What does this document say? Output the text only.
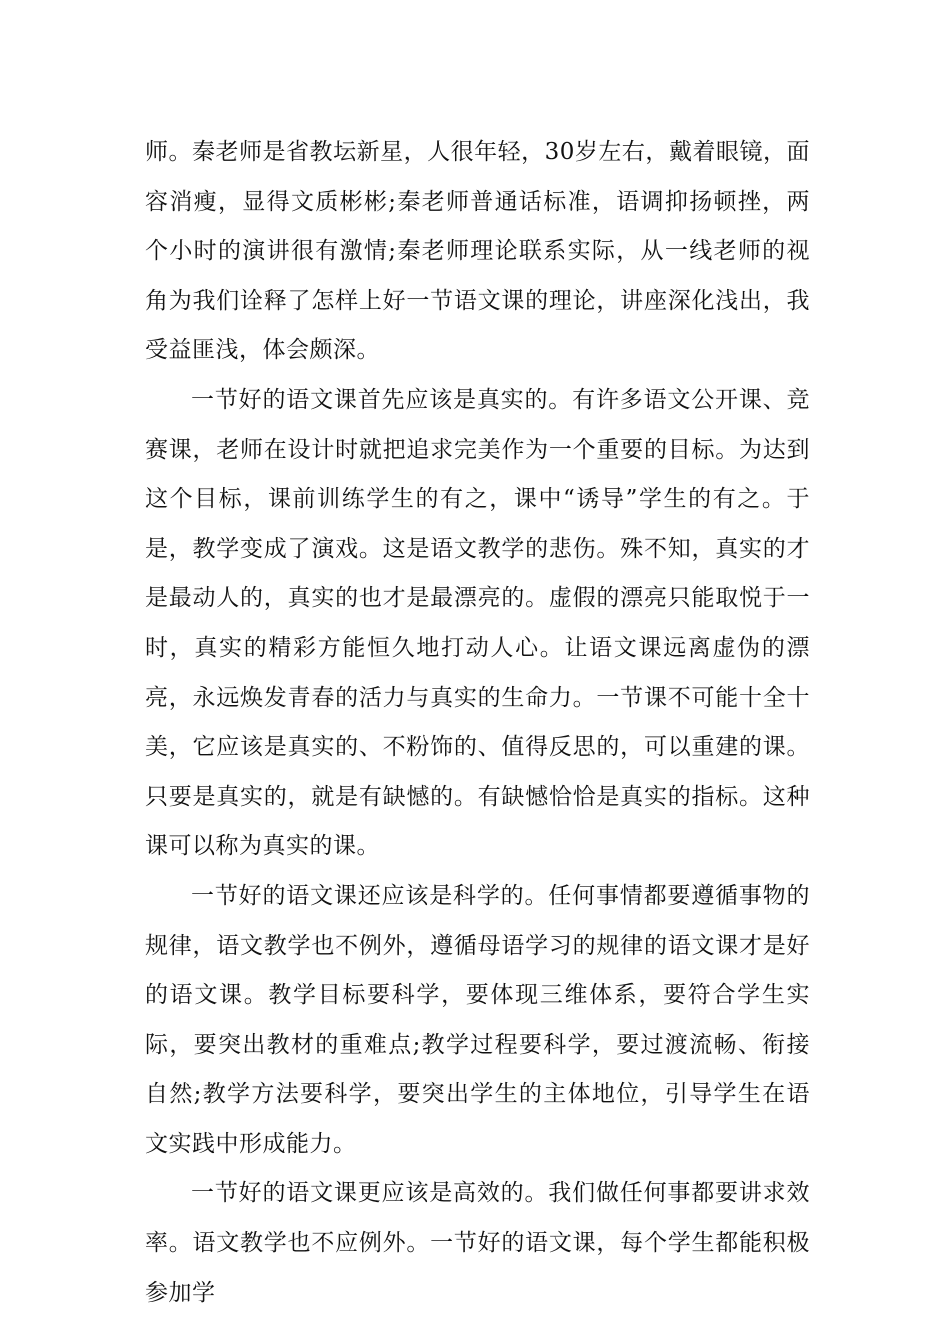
师。秦老师是省教坛新星，人很年轻，30岁左右，戴着眼镜，面容消瘦，显得文质彬彬;秦老师普通话标准，语调抑扬顿挫，两个小时的演讲很有激情;秦老师理论联系实际，从一线老师的视角为我们诠释了怎样上好一节语文课的理论，讲座深化浅出，我受益匪浅，体会颇深。

一节好的语文课首先应该是真实的。有许多语文公开课、竞赛课，老师在设计时就把追求完美作为一个重要的目标。为达到这个目标，课前训练学生的有之，课中“诱导”学生的有之。于是，教学变成了演戏。这是语文教学的悲伤。殊不知，真实的才是最动人的，真实的也才是最漂亮的。虚假的漂亮只能取悦于一时，真实的精彩方能恒久地打动人心。让语文课远离虚伪的漂亮，永远焕发青春的活力与真实的生命力。一节课不可能十全十美，它应该是真实的、不粉饰的、值得反思的，可以重建的课。只要是真实的，就是有缺憾的。有缺憾恰恰是真实的指标。这种课可以称为真实的课。

一节好的语文课还应该是科学的。任何事情都要遵循事物的规律，语文教学也不例外，遵循母语学习的规律的语文课才是好的语文课。教学目标要科学，要体现三维体系，要符合学生实际，要突出教材的重难点;教学过程要科学，要过渡流畅、衔接自然;教学方法要科学，要突出学生的主体地位，引导学生在语文实践中形成能力。

一节好的语文课更应该是高效的。我们做任何事都要讲求效率。语文教学也不应例外。一节好的语文课，每个学生都能积极参加学
